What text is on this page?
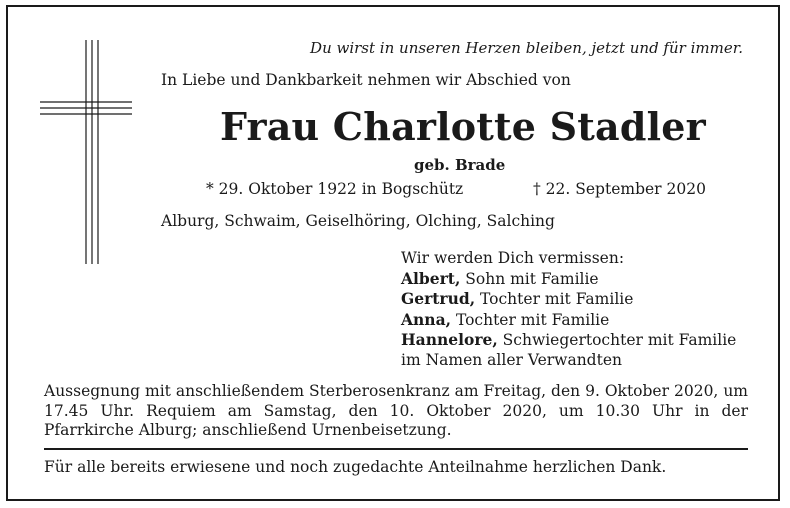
Du wirst in unseren Herzen bleiben, jetzt und für immer.
In Liebe und Dankbarkeit nehmen wir Abschied von
Frau Charlotte Stadler
geb. Brade
* 29. Oktober 1922 in Bogschütz	† 22. September 2020
Alburg, Schwaim, Geiselhöring, Olching, Salching
Wir werden Dich vermissen:
Albert, Sohn mit Familie
Gertrud, Tochter mit Familie
Anna, Tochter mit Familie
Hannelore, Schwiegertochter mit Familie
im Namen aller Verwandten
Aussegnung mit anschließendem Sterberosenkranz am Freitag, den 9. Oktober 2020, um 17.45 Uhr. Requiem am Samstag, den 10. Oktober 2020, um 10.30 Uhr in der Pfarrkirche Alburg; anschließend Urnenbeisetzung.
Für alle bereits erwiesene und noch zugedachte Anteilnahme herzlichen Dank.
